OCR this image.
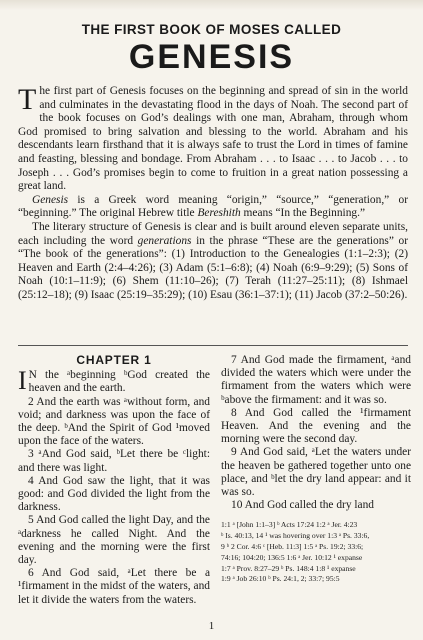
THE FIRST BOOK OF MOSES CALLED
GENESIS

The first part of Genesis focuses on the beginning and spread of sin in the world and culminates in the devastating flood in the days of Noah. The second part of the book focuses on God’s dealings with one man, Abraham, through whom God promised to bring salvation and blessing to the world. Abraham and his descendants learn firsthand that it is always safe to trust the Lord in times of famine and feasting, blessing and bondage. From Abraham . . . to Isaac . . . to Jacob . . . to Joseph . . . God’s promises begin to come to fruition in a great nation possessing a great land.

Genesis is a Greek word meaning “origin,” “source,” “generation,” or “beginning.” The original Hebrew title Bereshith means “In the Beginning.”

The literary structure of Genesis is clear and is built around eleven separate units, each including the word generations in the phrase “These are the generations” or “The book of the generations”: (1) Introduction to the Genealogies (1:1–2:3); (2) Heaven and Earth (2:4–4:26); (3) Adam (5:1–6:8); (4) Noah (6:9–9:29); (5) Sons of Noah (10:1–11:9); (6) Shem (11:10–26); (7) Terah (11:27–25:11); (8) Ishmael (25:12–18); (9) Isaac (25:19–35:29); (10) Esau (36:1–37:1); (11) Jacob (37:2–50:26).

CHAPTER 1

I N the ᵃbeginning ᵇGod created the heaven and the earth.

2 And the earth was ᵃwithout form, and void; and darkness was upon the face of the deep. ᵇAnd the Spirit of God ¹moved upon the face of the waters.

3 ᵃAnd God said, ᵇLet there be ᶜlight: and there was light.

4 And God saw the light, that it was good: and God divided the light from the darkness.

5 And God called the light Day, and the ᵃdarkness he called Night. And the evening and the morning were the first day.

6 And God said, ᵃLet there be a ¹firmament in the midst of the waters, and let it divide the waters from the waters.

7 And God made the firmament, ᵃand divided the waters which were under the firmament from the waters which were ᵇabove the firmament: and it was so.

8 And God called the ¹firmament Heaven. And the evening and the morning were the second day.

9 And God said, ᵃLet the waters under the heaven be gathered together unto one place, and ᵇlet the dry land appear: and it was so.

10 And God called the dry land

1:1 ᵃ [John 1:1–3] ᵇ Acts 17:24 1:2 ᵃ Jer. 4:23

ᵇ Is. 40:13, 14 ¹ was hovering over 1:3 ᵃ Ps. 33:6,

9 ᵇ 2 Cor. 4:6 ᶜ [Heb. 11:3] 1:5 ᵃ Ps. 19:2; 33:6;

74:16; 104:20; 136:5 1:6 ᵃ Jer. 10:12 ¹ expanse

1:7 ᵃ Prov. 8:27–29 ᵇ Ps. 148:4 1:8 ¹ expanse

1:9 ᵃ Job 26:10 ᵇ Ps. 24:1, 2; 33:7; 95:5

1
